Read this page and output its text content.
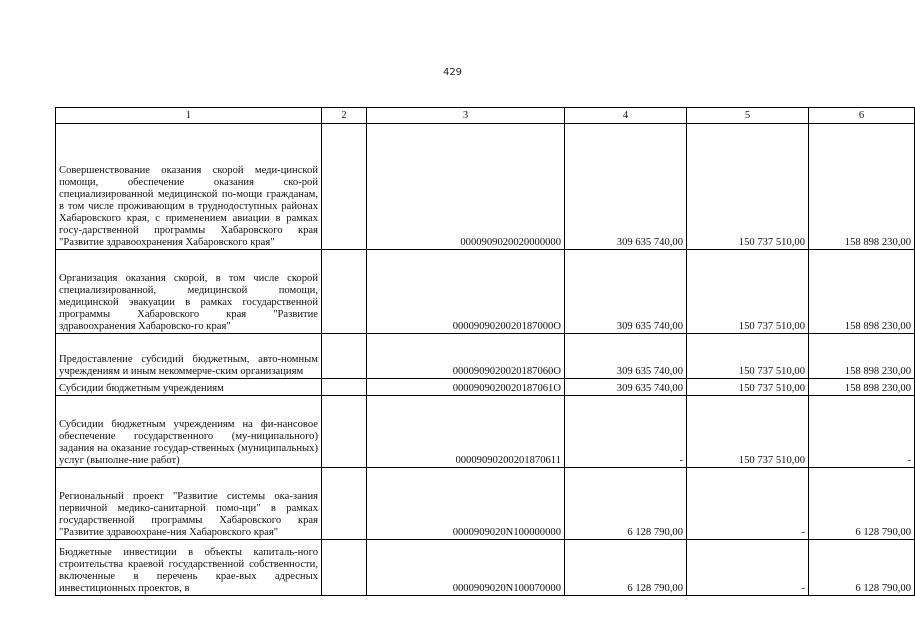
429
1	2	3	4	5	6
Совершенствование оказания скорой меди-цинской помощи, обеспечение оказания ско-рой специализированной медицинской по-мощи гражданам, в том числе проживающим в труднодоступных районах Хабаровского края, с применением авиации в рамках госу-дарственной программы Хабаровского края "Развитие здравоохранения Хабаровского края"		0000909020020000000	309 635 740,00	150 737 510,00	158 898 230,00
Организация оказания скорой, в том числе скорой специализированной, медицинской помощи, медицинской эвакуации в рамках государственной программы Хабаровского края "Развитие здравоохранения Хабаровско-го края"		0000909020020187000О	309 635 740,00	150 737 510,00	158 898 230,00
Предоставление субсидий бюджетным, авто-номным учреждениям и иным некоммерче-ским организациям		0000909020020187060О	309 635 740,00	150 737 510,00	158 898 230,00
Субсидии бюджетным учреждениям		0000909020020187061О	309 635 740,00	150 737 510,00	158 898 230,00
Субсидии бюджетным учреждениям на фи-нансовое обеспечение государственного (му-ниципального) задания на оказание государ-ственных (муниципальных) услуг (выполне-ние работ)		00009090200201870611	-	150 737 510,00	-
Региональный проект "Развитие системы ока-зания первичной медико-санитарной помо-щи" в рамках государственной программы Хабаровского края "Развитие здравоохране-ния Хабаровского края"		0000909020N100000000	6 128 790,00	-	6 128 790,00
Бюджетные инвестиции в объекты капиталь-ного строительства краевой государственной собственности, включенные в перечень крае-вых адресных инвестиционных проектов, в		0000909020N100070000	6 128 790,00	-	6 128 790,00
